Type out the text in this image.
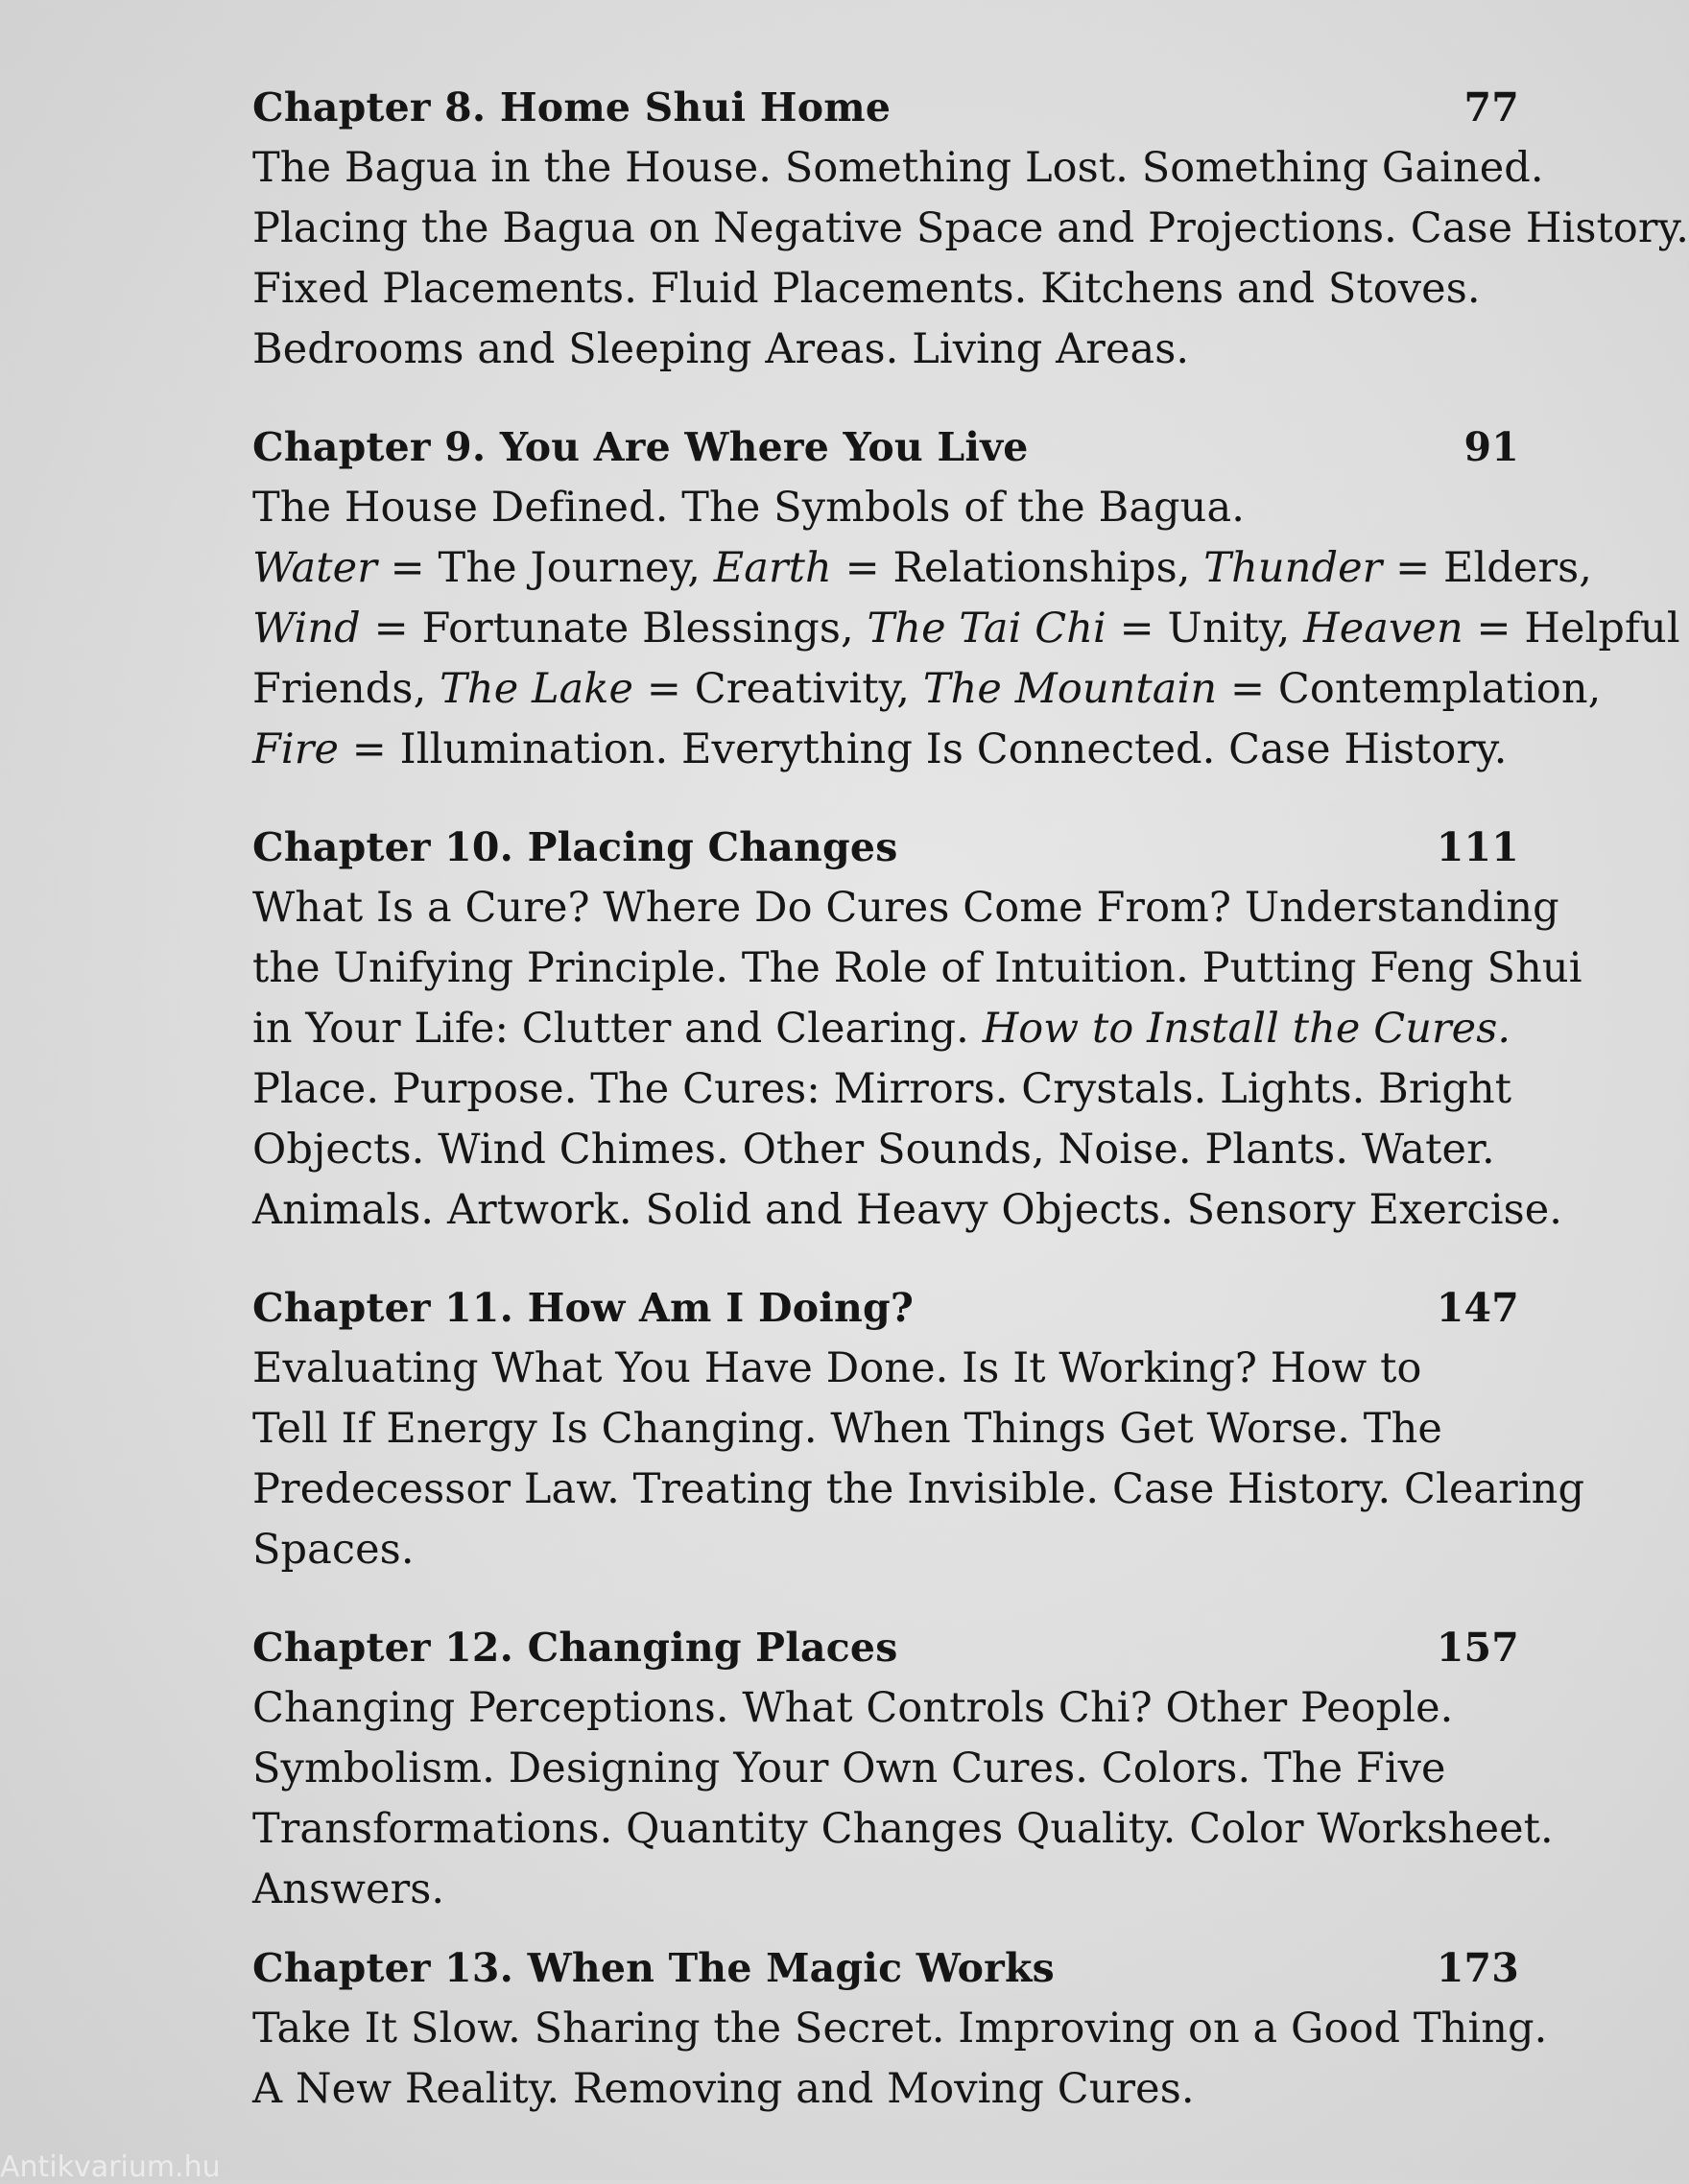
Chapter 8. Home Shui Home	77
The Bagua in the House. Something Lost. Something Gained.
Placing the Bagua on Negative Space and Projections. Case History.
Fixed Placements. Fluid Placements. Kitchens and Stoves.
Bedrooms and Sleeping Areas. Living Areas.
Chapter 9. You Are Where You Live	91
The House Defined. The Symbols of the Bagua.
Water = The Journey, Earth = Relationships, Thunder = Elders,
Wind = Fortunate Blessings, The Tai Chi = Unity, Heaven = Helpful
Friends, The Lake = Creativity, The Mountain = Contemplation,
Fire = Illumination. Everything Is Connected. Case History.
Chapter 10. Placing Changes	111
What Is a Cure? Where Do Cures Come From? Understanding
the Unifying Principle. The Role of Intuition. Putting Feng Shui
in Your Life: Clutter and Clearing. How to Install the Cures.
Place. Purpose. The Cures: Mirrors. Crystals. Lights. Bright
Objects. Wind Chimes. Other Sounds, Noise. Plants. Water.
Animals. Artwork. Solid and Heavy Objects. Sensory Exercise.
Chapter 11. How Am I Doing?	147
Evaluating What You Have Done. Is It Working? How to
Tell If Energy Is Changing. When Things Get Worse. The
Predecessor Law. Treating the Invisible. Case History. Clearing
Spaces.
Chapter 12. Changing Places	157
Changing Perceptions. What Controls Chi? Other People.
Symbolism. Designing Your Own Cures. Colors. The Five
Transformations. Quantity Changes Quality. Color Worksheet.
Answers.
Chapter 13. When The Magic Works	173
Take It Slow. Sharing the Secret. Improving on a Good Thing.
A New Reality. Removing and Moving Cures.
Antikvarium.hu
